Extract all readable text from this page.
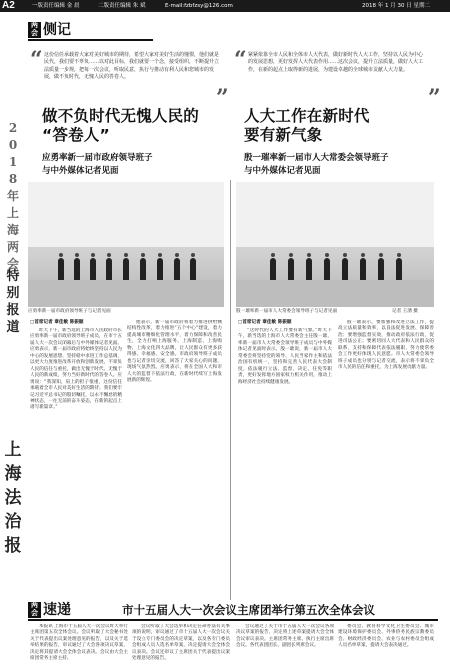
A2	一版责任编辑 金 晨	二版责任编辑 朱 斌	E-mail:fzbfzsy@126.com	2018 年 1 月 30 日 星期二
2018年上海两会
特别报道
上海法治报
两会 侧记
“ 这份信任承载着大家对美好城市的期待，希望大家对美好生活的憧憬，他们就是民代，我们要不辜负……以对此目标，我们就要一个念，接受组织，不断提升立法质量一步规，把每一次会议，听取民意，执行与推动有利人民和您城市的发展，做不负时代，无愧人民的答卷人。
”
“ 紧紧依靠全市人民和全体市人大代表，做好新时代人大工作，坚持以人民为中心的发展思想，更好发挥人大代表作用……这次会议，提升立法质量，做好人大工作，在新的起点上取得新的进展，为建设卓越的全球城市贡献人大力量。
”
做不负时代无愧人民的
“答卷人”
应勇率新一届市政府领导班子
与中外媒体记者见面
人大工作在新时代
要有新气象
殷一璀率新一届市人大常委会领导班子
与中外媒体记者见面
应勇率新一届市政府领导班子与记者见面	殷一璀率新一届市人大常委会领导班子与记者见面	记者 王湧 摄
□首席记者 章佳敏 陈振颐	□首席记者 章佳敏 陈振颐
昨天下午，新当选的上海市人民政府市长应勇率新一届市政府领导班子成员，在市十五届人大一次会议闭幕后与中外媒体记者见面。应勇表示，新一届市政府将始终坚持以人民为中心的发展思想，坚持稳中求进工作总基调，以更大力度推进改革开放和创新发展，不辜负人民的信任与重托，做出无愧于时代、无愧于人民的新成绩，努力当好新时代的答卷人。应勇说：“我深知，肩上的担子很重，这份信任承载着全市人民对美好生活的期待。我们要牢记习近平总书记的殷切嘱托，以永不懈怠的精神状态，一往无前的奋斗姿态，在新的起点上谱写新篇章。”
他表示，新一届市政府将着力推进供给侧结构性改革，着力推进“五个中心”建设，着力提高城市精细化管理水平，着力保障和改善民生，全力打响上海服务、上海制造、上海购物、上海文化四大品牌，让人民群众有更多获得感、幸福感、安全感。市政府领导班子成员也与记者亲切交流，回答了大家关心的问题，现场气氛热烈。应勇表示，将在全国人大和市人大的监督下依法行政，在新时代续写上海发展新的辉煌。
“这时代的人大工作要有新气象。”昨天下午，新当选的上海市人大常委会主任殷一璀，率新一届市人大常委会领导班子成员与中外媒体记者见面时表示。殷一璀说，新一届市人大常委会将坚持党的领导、人民当家作主和依法治国有机统一，坚持和完善人民代表大会制度，依法履行立法、监督、决定、任免等职责，更好发挥地方国家权力机关作用，推动上海经济社会持续健康发展。
殷一璀表示，要加强和改进立法工作，提高立法质量和效率，以良法促进发展、保障善治；要增强监督实效，推动政府依法行政，促进司法公正；要密切同人大代表和人民群众的联系，支持和保障代表依法履职，努力使常委会工作更好体现人民意愿。市人大常委会领导班子成员也分别与记者交流，表示将不辜负全市人民的信任和重托，为上海发展贡献力量。
两会 速递	市十五届人大一次会议主席团举行第五次全体会议
本报讯 上海市十五届人大一次会议昨天举行主席团第五次全体会议。会议听取了大会秘书处关于代表提出议案处理意见的报告，以及关于选举结果的报告，审议通过了大会各项决议草案，决定将其提请大会全体会议表决。会议由大会主席团常务主席主持。
会议听取了大会选举和决定任命办法有关事项的说明，审议通过了市十五届人大一次会议关于设立专门委员会的决定草案，以及各专门委员会组成人员人选名单草案，决定提请大会全体会议表决。会议还审议了主席团关于代表提出议案处理意见的报告。
会议通过了关于市十五届人大一次会议各项决议草案的报告，决定将上述草案提请大会全体会议审议表决。主席团常务主席、执行主席出席会议。各代表团团长、副团长列席会议。
委员会、教育科学文化卫生委员会、城市建设环境保护委员会、外事侨务民族宗教委员会、财政经济委员会、农业与农村委员会组成人员名单草案，提请大会表决通过。
